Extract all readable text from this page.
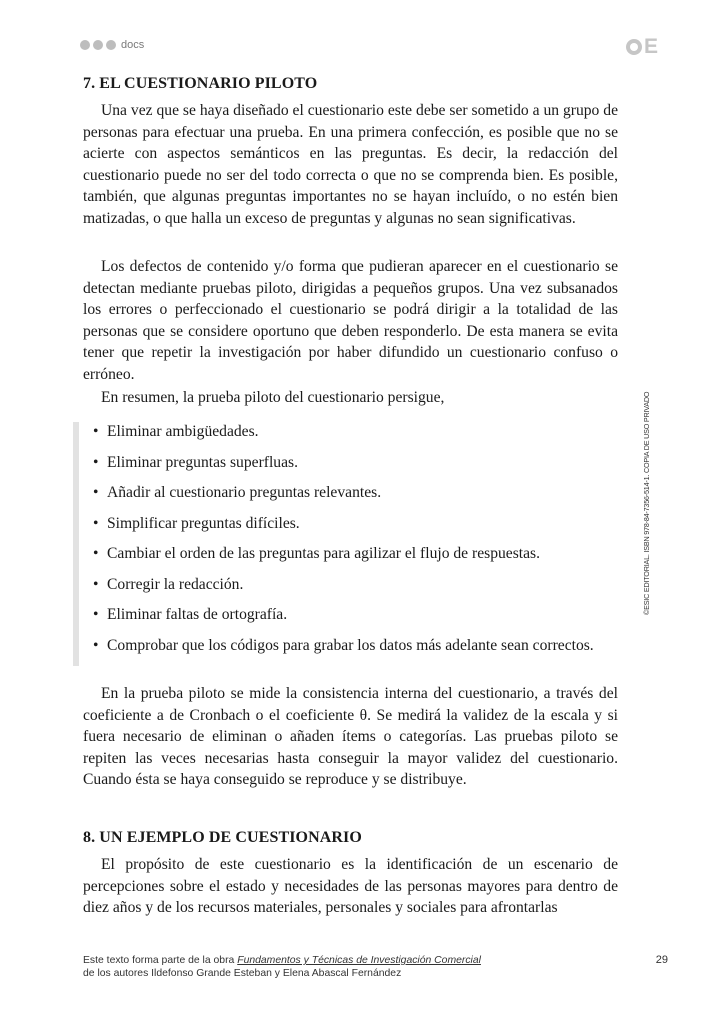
docs	E
7. EL CUESTIONARIO PILOTO

Una vez que se haya diseñado el cuestionario este debe ser sometido a un grupo de personas para efectuar una prueba. En una primera confección, es posible que no se acierte con aspectos semánticos en las preguntas. Es decir, la redacción del cuestionario puede no ser del todo correcta o que no se comprenda bien. Es posible, también, que algunas preguntas importantes no se hayan incluído, o no estén bien matizadas, o que halla un exceso de preguntas y algunas no sean significativas.

Los defectos de contenido y/o forma que pudieran aparecer en el cuestionario se detectan mediante pruebas piloto, dirigidas a pequeños grupos. Una vez subsanados los errores o perfeccionado el cuestionario se podrá dirigir a la totalidad de las personas que se considere oportuno que deben responderlo. De esta manera se evita tener que repetir la investigación por haber difundido un cuestionario confuso o erróneo.

En resumen, la prueba piloto del cuestionario persigue,

• Eliminar ambigüedades.
• Eliminar preguntas superfluas.
• Añadir al cuestionario preguntas relevantes.
• Simplificar preguntas difíciles.
• Cambiar el orden de las preguntas para agilizar el flujo de respuestas.
• Corregir la redacción.
• Eliminar faltas de ortografía.
• Comprobar que los códigos para grabar los datos más adelante sean correctos.

En la prueba piloto se mide la consistencia interna del cuestionario, a través del coeficiente a de Cronbach o el coeficiente θ. Se medirá la validez de la escala y si fuera necesario de eliminan o añaden ítems o categorías. Las pruebas piloto se repiten las veces necesarias hasta conseguir la mayor validez del cuestionario. Cuando ésta se haya conseguido se reproduce y se distribuye.

8. UN EJEMPLO DE CUESTIONARIO

El propósito de este cuestionario es la identificación de un escenario de percepciones sobre el estado y necesidades de las personas mayores para dentro de diez años y de los recursos materiales, personales y sociales para afrontarlas

©ESIC EDITORIAL. ISBN 978-84-7356-514-1. COPIA DE USO PRIVADO
Este texto forma parte de la obra Fundamentos y Técnicas de Investigación Comercial
de los autores Ildefonso Grande Esteban y Elena Abascal Fernández
29
